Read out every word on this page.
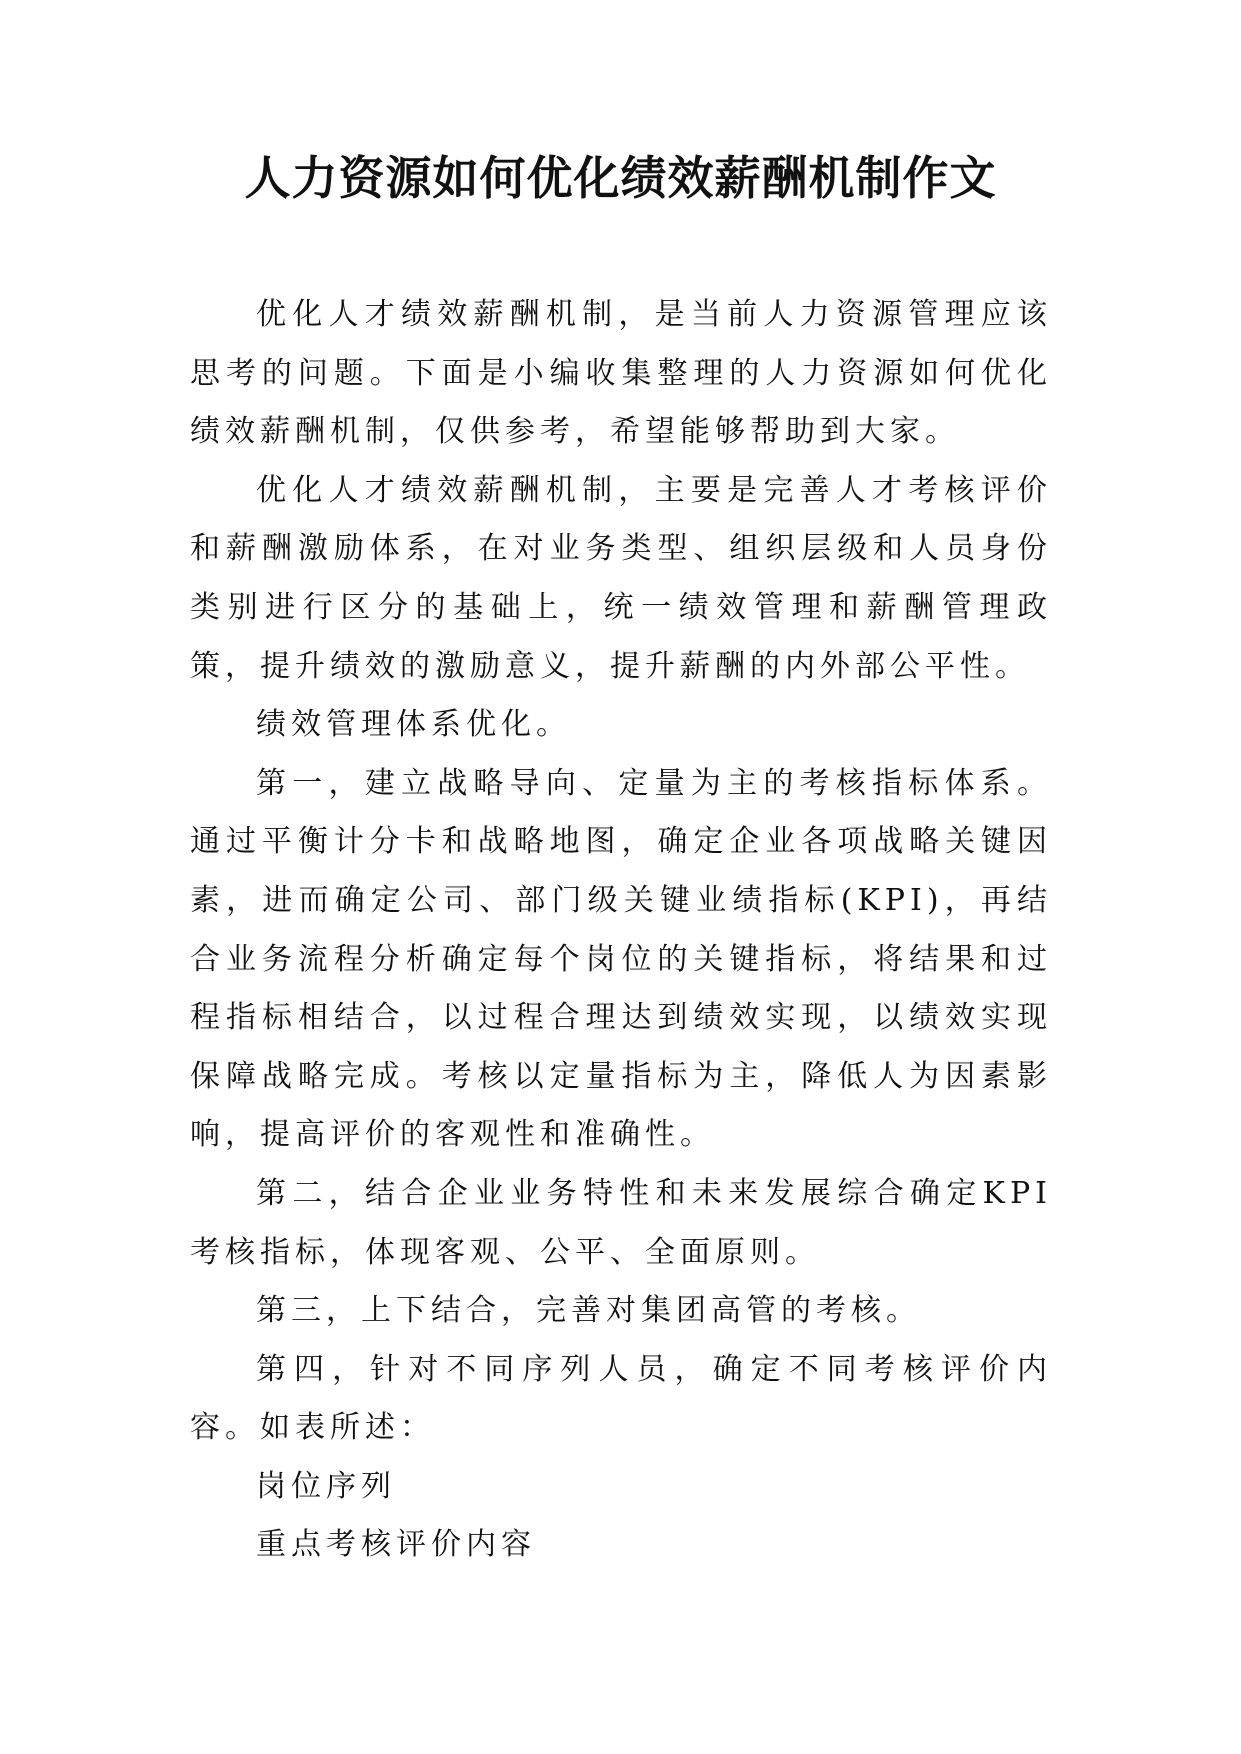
人力资源如何优化绩效薪酬机制作文

优化人才绩效薪酬机制，是当前人力资源管理应该思考的问题。下面是小编收集整理的人力资源如何优化绩效薪酬机制，仅供参考，希望能够帮助到大家。

优化人才绩效薪酬机制，主要是完善人才考核评价和薪酬激励体系，在对业务类型、组织层级和人员身份类别进行区分的基础上，统一绩效管理和薪酬管理政策，提升绩效的激励意义，提升薪酬的内外部公平性。

绩效管理体系优化。

第一，建立战略导向、定量为主的考核指标体系。通过平衡计分卡和战略地图，确定企业各项战略关键因素，进而确定公司、部门级关键业绩指标(KPI)，再结合业务流程分析确定每个岗位的关键指标，将结果和过程指标相结合，以过程合理达到绩效实现，以绩效实现保障战略完成。考核以定量指标为主，降低人为因素影响，提高评价的客观性和准确性。

第二，结合企业业务特性和未来发展综合确定KPI考核指标，体现客观、公平、全面原则。

第三，上下结合，完善对集团高管的考核。

第四，针对不同序列人员，确定不同考核评价内容。如表所述：

岗位序列

重点考核评价内容
